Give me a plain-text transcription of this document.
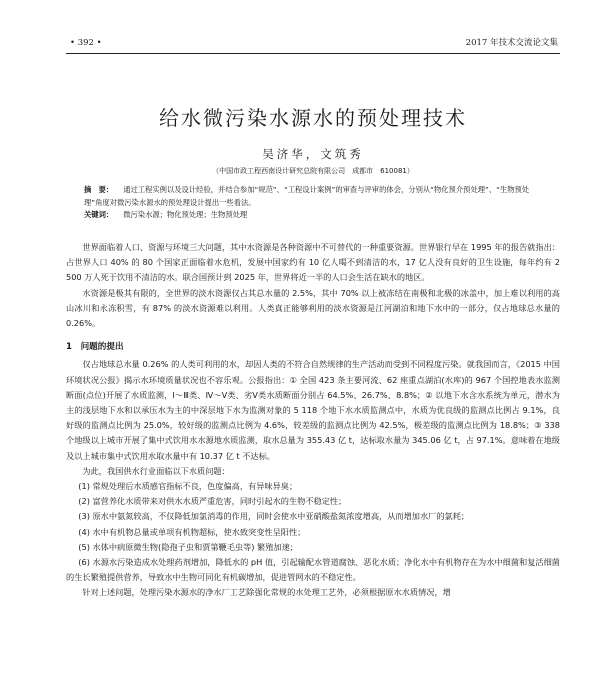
• 392 •	2017 年技术交流论文集
给水微污染水源水的预处理技术
吴济华，文筑秀
（中国市政工程西南设计研究总院有限公司　成都市　610081）

摘　要： 通过工程实例以及设计经验，并结合参加“规范”、“工程设计案例”的审查与评审的体会，分别从“物化预介预处理”、“生物预处理”角度对微污染水源水的预处理设计提出一些看法。

关键词： 微污染水源；物化预处理；生物预处理

世界面临着人口、资源与环境三大问题，其中水资源是各种资源中不可替代的一种重要资源。世界银行早在 1995 年的报告就指出：占世界人口 40% 的 80 个国家正面临着水危机，发展中国家约有 10 亿人喝不到清洁的水，17 亿人没有良好的卫生设施，每年约有 2 500 万人死于饮用不清洁的水。联合国预计到 2025 年，世界将近一半的人口会生活在缺水的地区。

水资源是极其有限的，全世界的淡水资源仅占其总水量的 2.5%，其中 70% 以上被冻结在南极和北极的冰盖中，加上难以利用的高山冰川和永冻积雪，有 87% 的淡水资源难以利用。人类真正能够利用的淡水资源是江河湖泊和地下水中的一部分，仅占地球总水量的 0.26%。

1　问题的提出

仅占地球总水量 0.26% 的人类可利用的水，却因人类的不符合自然规律的生产活动而受到不同程度污染。就我国而言，《2015 中国环境状况公报》揭示水环境质量状况也不容乐观。公报指出：① 全国 423 条主要河流、62 座重点湖泊(水库)的 967 个国控地表水监测断面(点位)开展了水质监测，Ⅰ～Ⅲ类、Ⅳ～Ⅴ类、劣Ⅴ类水质断面分别占 64.5%、26.7%、8.8%；② 以地下水含水系统为单元，潜水为主的浅层地下水和以承压水为主的中深层地下水为监测对象的 5 118 个地下水水质监测点中，水质为优良级的监测点比例占 9.1%，良好级的监测点比例为 25.0%，较好级的监测点比例为 4.6%，较差级的监测点比例为 42.5%，极差级的监测点比例为 18.8%；③ 338 个地级以上城市开展了集中式饮用水水源地水质监测，取水总量为 355.43 亿 t，达标取水量为 345.06 亿 t，占 97.1%。意味着在地级及以上城市集中式饮用水取水量中有 10.37 亿 t 不达标。

为此，我国供水行业面临以下水质问题：

(1) 常规处理后水质感官指标不良，色度偏高，有异味异臭；

(2) 富营养化水质带来对供水水质严重危害，同时引起水的生物不稳定性；

(3) 原水中氨氮较高，不仅降低加氯消毒的作用，同时会使水中亚硝酸盐氮浓度增高，从而增加水厂的氯耗；

(4) 水中有机物总量或单项有机物超标，使水致突变性呈阳性；

(5) 水体中病原微生物(隐孢子虫和贾第鞭毛虫等) 繁殖加速；

(6) 水源水污染造成水处理药剂增加，降低水的 pH 值，引起输配水管道腐蚀、恶化水质；净化水中有机物存在为水中细菌和复活细菌的生长繁殖提供营养，导致水中生物可同化有机碳增加，促进管网水的不稳定性。

针对上述问题，处理污染水源水的净水厂工艺除强化常规的水处理工艺外，必须根据原水水质情况，增
